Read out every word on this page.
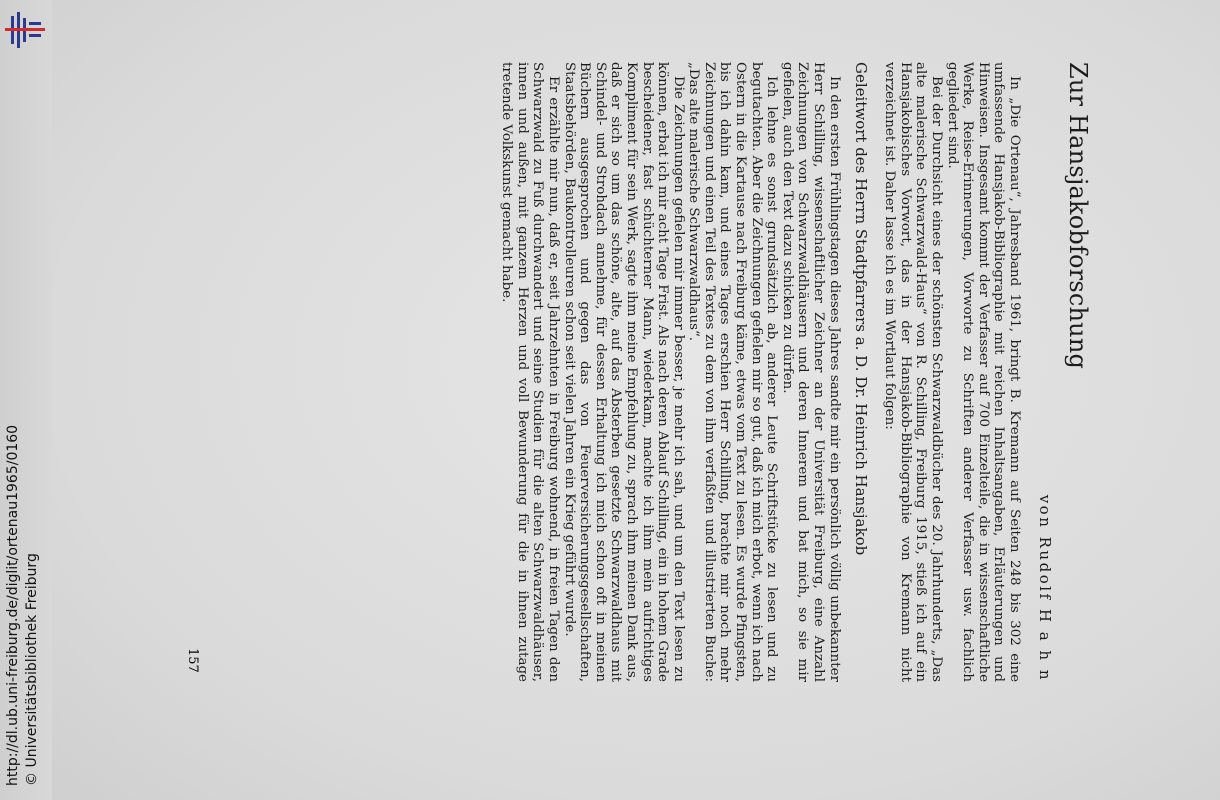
http://dl.ub.uni-freiburg.de/diglit/ortenau1965/0160 © Universitätsbibliothek Freiburg
Zur Hansjakobforschung
von Rudolf H a h n

In „Die Ortenau“, Jahresband 1961, bringt B. Kremann auf Seiten 248 bis 302 eine umfassende Hansjakob-Bibliographie mit reichen Inhaltsangaben, Erläuterungen und Hinweisen. Insgesamt kommt der Verfasser auf 700 Einzelteile, die in wissenschaftliche Werke, Reise-Erinnerungen, Vorworte zu Schriften anderer Verfasser usw. fachlich gegliedert sind.

Bei der Durchsicht eines der schönsten Schwarzwaldbücher des 20. Jahrhunderts, „Das alte malerische Schwarzwald-Haus“ von R. Schilling, Freiburg 1915, stieß ich auf ein Hansjakobisches Vorwort, das in der Hansjakob-Bibliographie von Kremann nicht verzeichnet ist. Daher lasse ich es im Wortlaut folgen:

Geleitwort des Herrn Stadtpfarrers a. D. Dr. Heinrich Hansjakob

In den ersten Frühlingstagen dieses Jahres sandte mir ein persönlich völlig unbekannter Herr Schilling, wissenschaftlicher Zeichner an der Universität Freiburg, eine Anzahl Zeichnungen von Schwarzwaldhäusern und deren Innerem und bat mich, so sie mir gefielen, auch den Text dazu schicken zu dürfen.

Ich lehne es sonst grundsätzlich ab, anderer Leute Schriftstücke zu lesen und zu begutachten. Aber die Zeichnungen gefielen mir so gut, daß ich mich erbot, wenn ich nach Ostern in die Kartause nach Freiburg käme, etwas vom Text zu lesen. Es wurde Pfingsten, bis ich dahin kam, und eines Tages erschien Herr Schilling, brachte mir noch mehr Zeichnungen und einen Teil des Textes zu dem von ihm verfaßten und illustrierten Buche: „Das alte malerische Schwarzwaldhaus“.

Die Zeichnungen gefielen mir immer besser, je mehr ich sah, und um den Text lesen zu können, erbat ich mir acht Tage Frist. Als nach deren Ablauf Schilling, ein in hohem Grade bescheidener, fast schüchterner Mann, wiederkam, machte ich ihm mein aufrichtiges Kompliment für sein Werk, sagte ihm meine Empfehlung zu, sprach ihm meinen Dank aus, daß er sich so um das schöne, alte, auf das Absterben gesetzte Schwarzwaldhaus mit Schindel- und Strohdach annehme, für dessen Erhaltung ich mich schon oft in meinen Büchern ausgesprochen und gegen das von Feuerversicherungsgesellschaften, Staatsbehörden, Baukontrolleuren schon seit vielen Jahren ein Krieg geführt wurde.

Er erzählte mir nun, daß er, seit Jahrzehnten in Freiburg wohnend, in freien Tagen den Schwarzwald zu Fuß durchwandert und seine Studien für die alten Schwarzwaldhäuser, innen und außen, mit ganzem Herzen und voll Bewunderung für die in ihnen zutage tretende Volkskunst gemacht habe.

157
